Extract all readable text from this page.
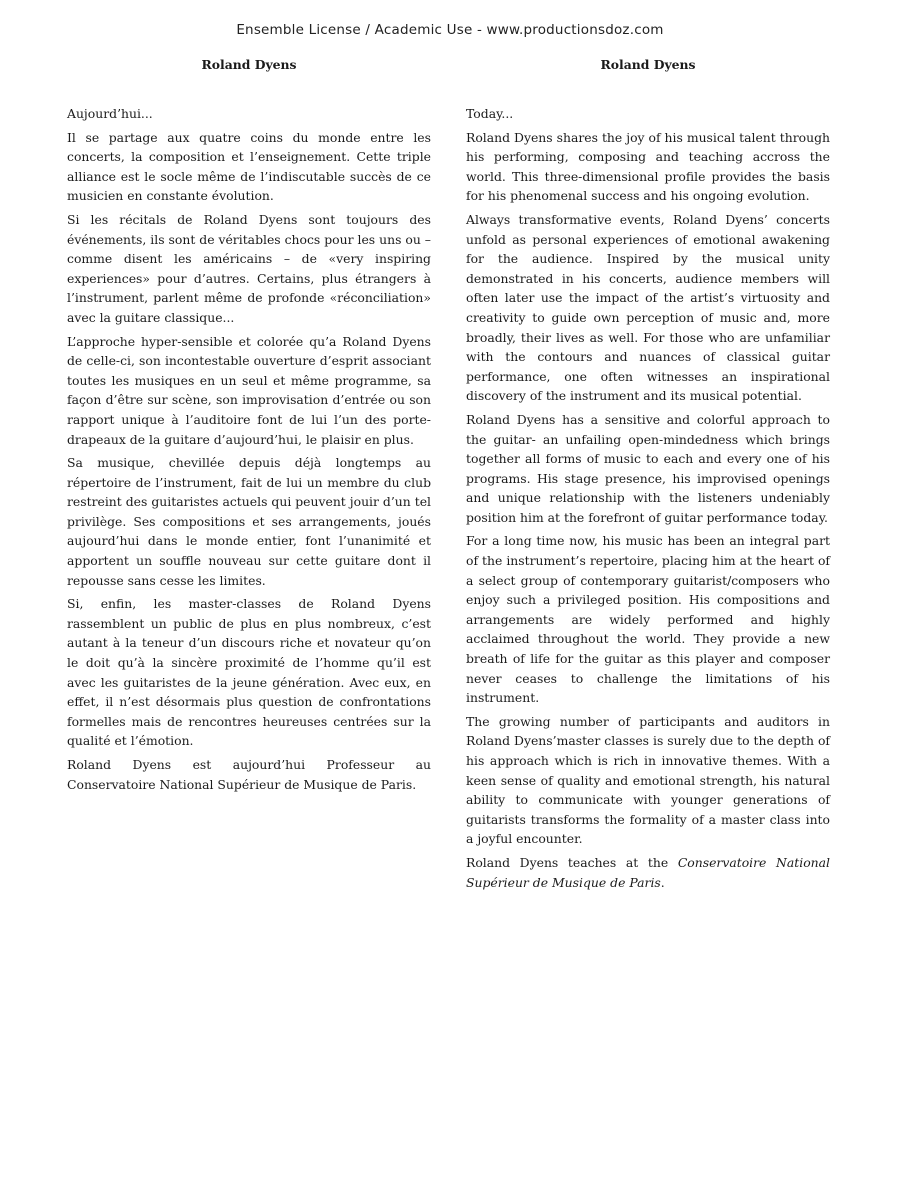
Ensemble License / Academic Use - www.productionsdoz.com
Roland Dyens

Aujourd’hui...

Il se partage aux quatre coins du monde entre les concerts, la composition et l’enseignement. Cette triple alliance est le socle même de l’indiscutable succès de ce musicien en constante évolution.

Si les récitals de Roland Dyens sont toujours des événements, ils sont de véritables chocs pour les uns ou – comme disent les américains – de «very inspiring experiences» pour d’autres. Certains, plus étrangers à l’instrument, parlent même de profonde «réconciliation» avec la guitare classique...

L’approche hyper-sensible et colorée qu’a Roland Dyens de celle-ci, son incontestable ouverture d’esprit associant toutes les musiques en un seul et même programme, sa façon d’être sur scène, son improvisation d’entrée ou son rapport unique à l’auditoire font de lui l’un des porte-drapeaux de la guitare d’aujourd’hui, le plaisir en plus.

Sa musique, chevillée depuis déjà longtemps au répertoire de l’instrument, fait de lui un membre du club restreint des guitaristes actuels qui peuvent jouir d’un tel privilège. Ses compositions et ses arrangements, joués aujourd’hui dans le monde entier, font l’unanimité et apportent un souffle nouveau sur cette guitare dont il repousse sans cesse les limites.

Si, enfin, les master-classes de Roland Dyens rassemblent un public de plus en plus nombreux, c’est autant à la teneur d’un discours riche et novateur qu’on le doit qu’à la sincère proximité de l’homme qu’il est avec les guitaristes de la jeune génération. Avec eux, en effet, il n’est désormais plus question de confrontations formelles mais de rencontres heureuses centrées sur la qualité et l’émotion.

Roland Dyens est aujourd’hui Professeur au Conservatoire National Supérieur de Musique de Paris.

Roland Dyens

Today...

Roland Dyens shares the joy of his musical talent through his performing, composing and teaching accross the world. This three-dimensional profile provides the basis for his phenomenal success and his ongoing evolution.

Always transformative events, Roland Dyens’ concerts unfold as personal experiences of emotional awakening for the audience. Inspired by the musical unity demonstrated in his concerts, audience members will often later use the impact of the artist’s virtuosity and creativity to guide own perception of music and, more broadly, their lives as well. For those who are unfamiliar with the contours and nuances of classical guitar performance, one often witnesses an inspirational discovery of the instrument and its musical potential.

Roland Dyens has a sensitive and colorful approach to the guitar- an unfailing open-mindedness which brings together all forms of music to each and every one of his programs. His stage presence, his improvised openings and unique relationship with the listeners undeniably position him at the forefront of guitar performance today.

For a long time now, his music has been an integral part of the instrument’s repertoire, placing him at the heart of a select group of contemporary guitarist/composers who enjoy such a privileged position. His compositions and arrangements are widely performed and highly acclaimed throughout the world. They provide a new breath of life for the guitar as this player and composer never ceases to challenge the limitations of his instrument.

The growing number of participants and auditors in Roland Dyens’master classes is surely due to the depth of his approach which is rich in innovative themes. With a keen sense of quality and emotional strength, his natural ability to communicate with younger generations of guitarists transforms the formality of a master class into a joyful encounter.

Roland Dyens teaches at the Conservatoire National Supérieur de Musique de Paris.
